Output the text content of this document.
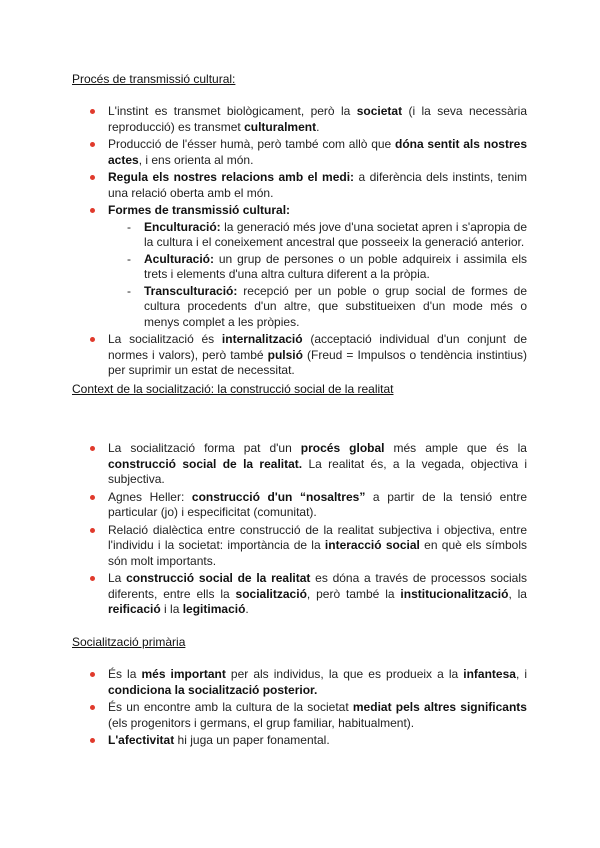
Procés de transmissió cultural:
L'instint es transmet biològicament, però la societat (i la seva necessària reproducció) es transmet culturalment.
Producció de l'ésser humà, però també com allò que dóna sentit als nostres actes, i ens orienta al món.
Regula els nostres relacions amb el medi: a diferència dels instints, tenim una relació oberta amb el món.
Formes de transmissió cultural:
- Enculturació: la generació més jove d'una societat apren i s'apropia de la cultura i el coneixement ancestral que posseeix la generació anterior.
- Aculturació: un grup de persones o un poble adquireix i assimila els trets i elements d'una altra cultura diferent a la pròpia.
- Transculturació: recepció per un poble o grup social de formes de cultura procedents d'un altre, que substitueixen d'un mode més o menys complet a les pròpies.
La socialització és internalització (acceptació individual d'un conjunt de normes i valors), però també pulsió (Freud = Impulsos o tendència instintius) per suprimir un estat de necessitat.
Context de la socialització: la construcció social de la realitat
La socialització forma pat d'un procés global més ample que és la construcció social de la realitat. La realitat és, a la vegada, objectiva i subjectiva.
Agnes Heller: construcció d'un “nosaltres” a partir de la tensió entre particular (jo) i especificitat (comunitat).
Relació dialèctica entre construcció de la realitat subjectiva i objectiva, entre l'individu i la societat: importància de la interacció social en què els símbols són molt importants.
La construcció social de la realitat es dóna a través de processos socials diferents, entre ells la socialització, però també la institucionalització, la reificació i la legitimació.
Socialització primària
És la més important per als individus, la que es produeix a la infantesa, i condiciona la socialització posterior.
És un encontre amb la cultura de la societat mediat pels altres significants (els progenitors i germans, el grup familiar, habitualment).
L'afectivitat hi juga un paper fonamental.
